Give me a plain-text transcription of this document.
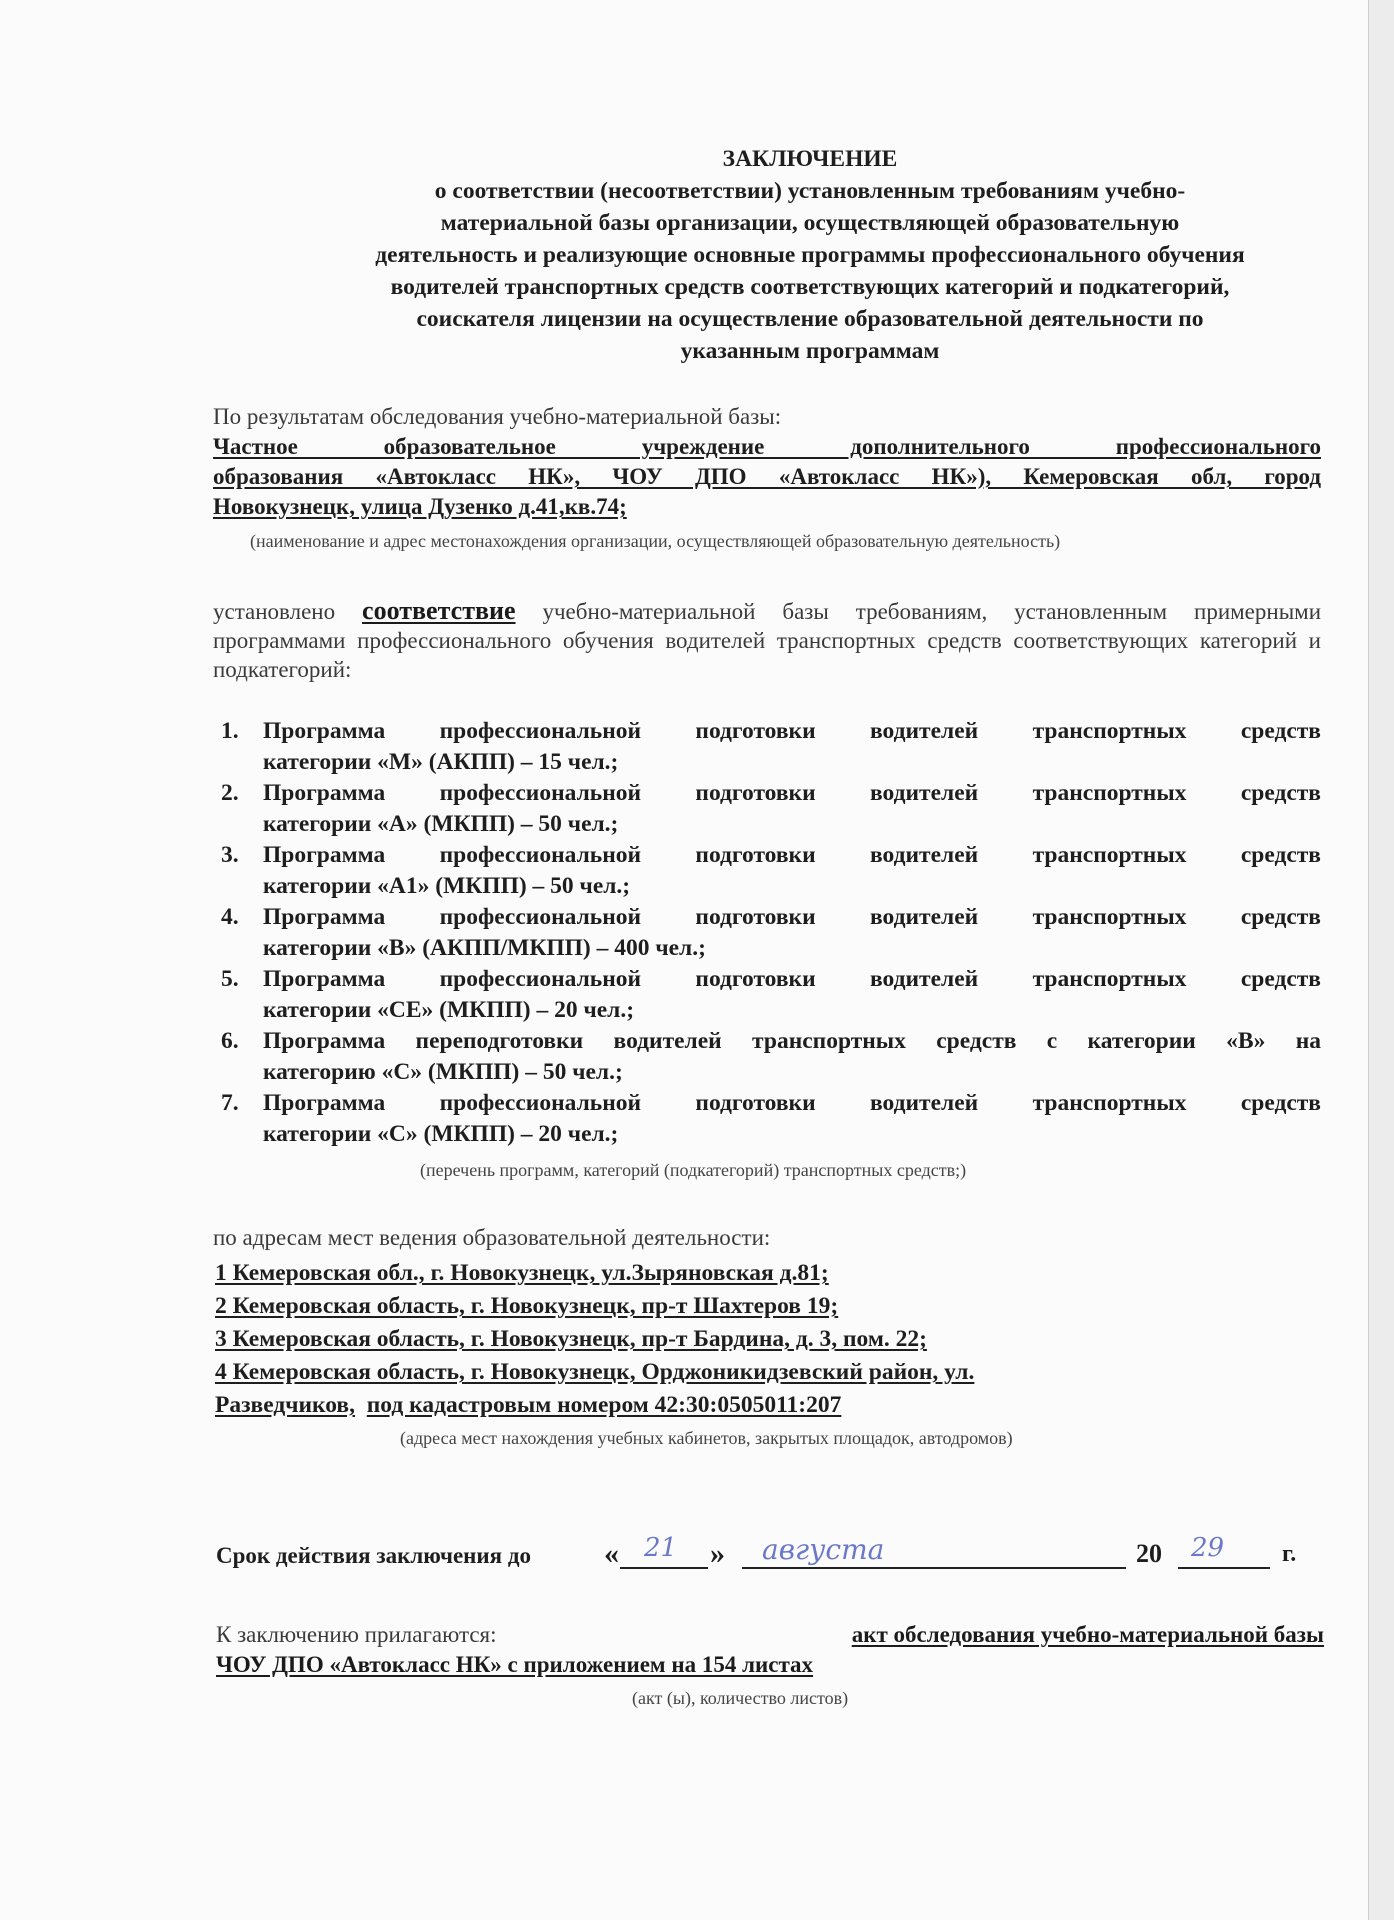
ЗАКЛЮЧЕНИЕ
о соответствии (несоответствии) установленным требованиям учебно-
материальной базы организации, осуществляющей образовательную
деятельность и реализующие основные программы профессионального обучения
водителей транспортных средств соответствующих категорий и подкатегорий,
соискателя лицензии на осуществление образовательной деятельности по
указанным программам
По результатам обследования учебно-материальной базы:
Частное образовательное учреждение дополнительного профессионального
образования «Автокласс НК», ЧОУ ДПО «Автокласс НК»), Кемеровская обл, город
Новокузнецк, улица Дузенко д.41,кв.74;
(наименование и адрес местонахождения организации, осуществляющей образовательную деятельность)
установлено соответствие учебно-материальной базы требованиям, установленным примерными программами профессионального обучения водителей транспортных средств соответствующих категорий и подкатегорий:
1. Программа профессиональной подготовки водителей транспортных средств
категории «М» (АКПП) – 15 чел.;
2. Программа профессиональной подготовки водителей транспортных средств
категории «А» (МКПП) – 50 чел.;
3. Программа профессиональной подготовки водителей транспортных средств
категории «А1» (МКПП) – 50 чел.;
4. Программа профессиональной подготовки водителей транспортных средств
категории «В» (АКПП/МКПП) – 400 чел.;
5. Программа профессиональной подготовки водителей транспортных средств
категории «СЕ» (МКПП) – 20 чел.;
6. Программа переподготовки водителей транспортных средств с категории «В» на
категорию «С» (МКПП) – 50 чел.;
7. Программа профессиональной подготовки водителей транспортных средств
категории «С» (МКПП) – 20 чел.;
(перечень программ, категорий (подкатегорий) транспортных средств;)
по адресам мест ведения образовательной деятельности:
1 Кемеровская обл., г. Новокузнецк, ул.Зыряновская д.81;
2 Кемеровская область, г. Новокузнецк, пр-т Шахтеров 19;
3 Кемеровская область, г. Новокузнецк, пр-т Бардина, д. 3, пом. 22;
4 Кемеровская область, г. Новокузнецк, Орджоникидзевский район, ул.
Разведчиков, под кадастровым номером 42:30:0505011:207
(адреса мест нахождения учебных кабинетов, закрытых площадок, автодромов)
Срок действия заключения до « 21 » августа	20 29 г.
К заключению прилагаются:	акт обследования учебно-материальной базы
ЧОУ ДПО «Автокласс НК» с приложением на 154 листах
(акт (ы), количество листов)
